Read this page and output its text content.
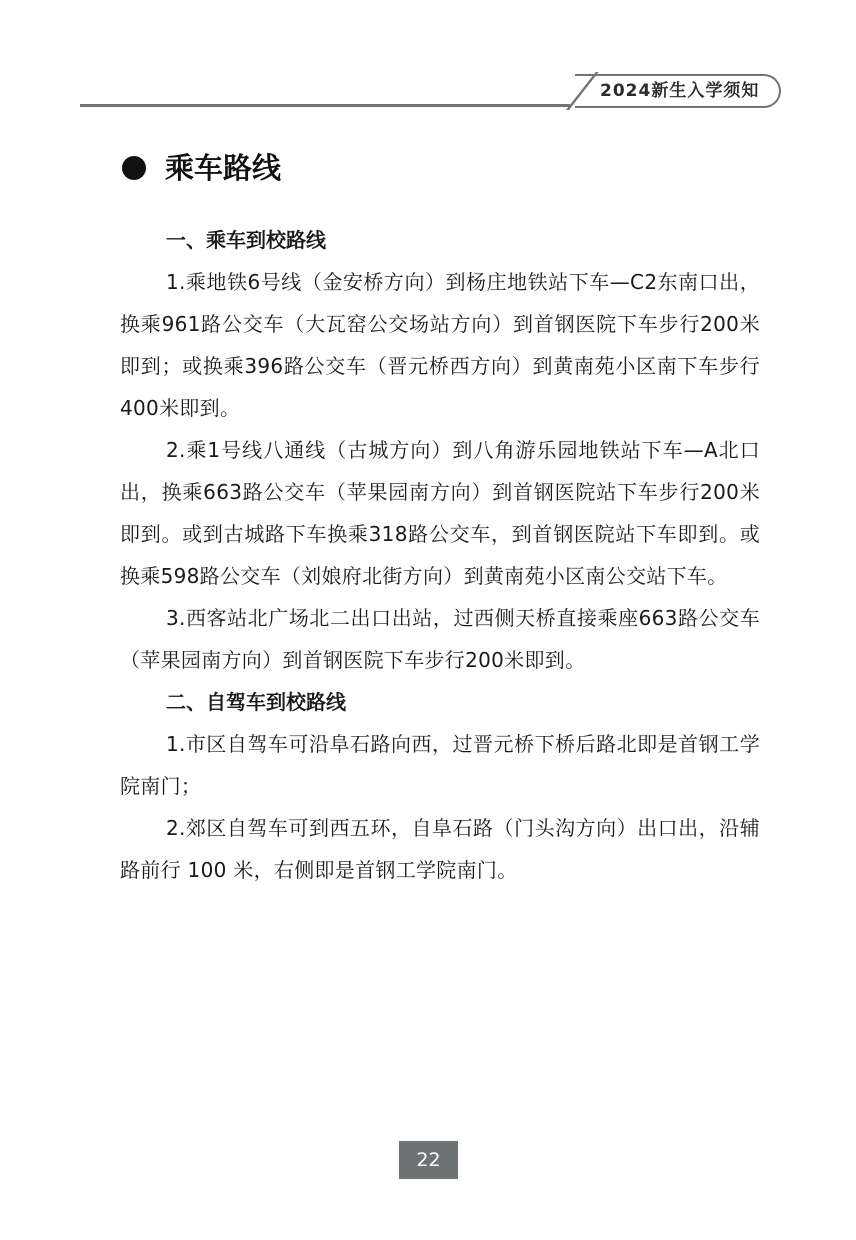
2024新生入学须知
乘车路线

一、乘车到校路线

1.乘地铁6号线（金安桥方向）到杨庄地铁站下车—C2东南口出，换乘961路公交车（大瓦窑公交场站方向）到首钢医院下车步行200米即到；或换乘396路公交车（晋元桥西方向）到黄南苑小区南下车步行400米即到。

2.乘1号线八通线（古城方向）到八角游乐园地铁站下车—A北口出，换乘663路公交车（苹果园南方向）到首钢医院站下车步行200米即到。或到古城路下车换乘318路公交车，到首钢医院站下车即到。或换乘598路公交车（刘娘府北街方向）到黄南苑小区南公交站下车。

3.西客站北广场北二出口出站，过西侧天桥直接乘座663路公交车（苹果园南方向）到首钢医院下车步行200米即到。

二、自驾车到校路线

1.市区自驾车可沿阜石路向西，过晋元桥下桥后路北即是首钢工学院南门；

2.郊区自驾车可到西五环，自阜石路（门头沟方向）出口出，沿辅路前行 100 米，右侧即是首钢工学院南门。

22
